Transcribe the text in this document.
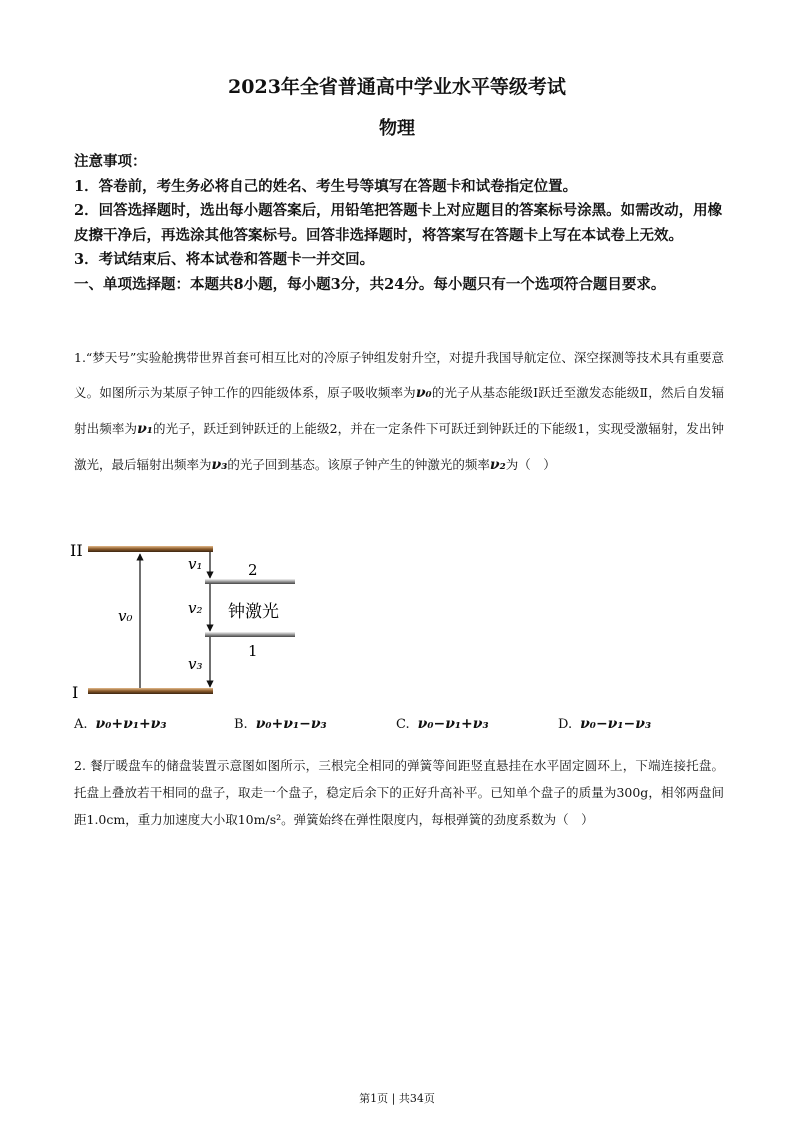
2023年全省普通高中学业水平等级考试
物理

注意事项：

1．答卷前，考生务必将自己的姓名、考生号等填写在答题卡和试卷指定位置。

2．回答选择题时，选出每小题答案后，用铅笔把答题卡上对应题目的答案标号涂黑。如需改动，用橡皮擦干净后，再选涂其他答案标号。回答非选择题时，将答案写在答题卡上写在本试卷上无效。

3．考试结束后、将本试卷和答题卡一并交回。

一、单项选择题：本题共8小题，每小题3分，共24分。每小题只有一个选项符合题目要求。

1.“梦天号”实验舱携带世界首套可相互比对的冷原子钟组发射升空，对提升我国导航定位、深空探测等技术具有重要意义。如图所示为某原子钟工作的四能级体系，原子吸收频率为ν₀的光子从基态能级Ⅰ跃迁至激发态能级Ⅱ，然后自发辐射出频率为ν₁的光子，跃迁到钟跃迁的上能级2，并在一定条件下可跃迁到钟跃迁的下能级1，实现受激辐射，发出钟激光，最后辐射出频率为ν₃的光子回到基态。该原子钟产生的钟激光的频率ν₂为（　）
II
I
2
1
v₀
v₁
v₂
v₃
钟激光
A. ν₀+ν₁+ν₃	B. ν₀+ν₁−ν₃	C. ν₀−ν₁+ν₃	D. ν₀−ν₁−ν₃
2. 餐厅暖盘车的储盘装置示意图如图所示，三根完全相同的弹簧等间距竖直悬挂在水平固定圆环上，下端连接托盘。托盘上叠放若干相同的盘子，取走一个盘子，稳定后余下的正好升高补平。已知单个盘子的质量为300g，相邻两盘间距1.0cm，重力加速度大小取10m/s²。弹簧始终在弹性限度内，每根弹簧的劲度系数为（　）
第1页 | 共34页
